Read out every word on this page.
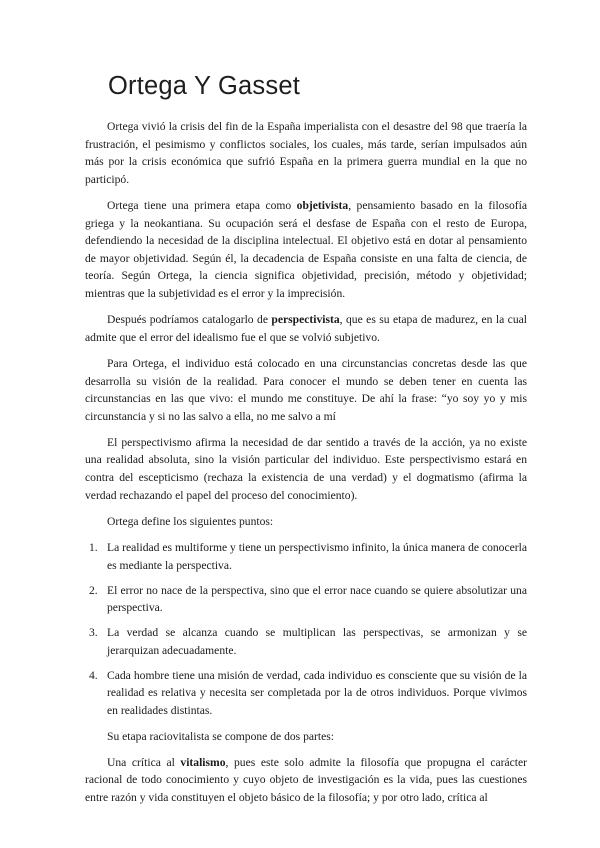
Ortega Y Gasset

Ortega vivió la crisis del fin de la España imperialista con el desastre del 98 que traería la frustración, el pesimismo y conflictos sociales, los cuales, más tarde, serían impulsados aún más por la crisis económica que sufrió España en la primera guerra mundial en la que no participó.

Ortega tiene una primera etapa como objetivista, pensamiento basado en la filosofía griega y la neokantiana. Su ocupación será el desfase de España con el resto de Europa, defendiendo la necesidad de la disciplina intelectual. El objetivo está en dotar al pensamiento de mayor objetividad. Según él, la decadencia de España consiste en una falta de ciencia, de teoría. Según Ortega, la ciencia significa objetividad, precisión, método y objetividad; mientras que la subjetividad es el error y la imprecisión.

Después podríamos catalogarlo de perspectivista, que es su etapa de madurez, en la cual admite que el error del idealismo fue el que se volvió subjetivo.

Para Ortega, el individuo está colocado en una circunstancias concretas desde las que desarrolla su visión de la realidad. Para conocer el mundo se deben tener en cuenta las circunstancias en las que vivo: el mundo me constituye. De ahí la frase: “yo soy yo y mis circunstancia y si no las salvo a ella, no me salvo a mí

El perspectivismo afirma la necesidad de dar sentido a través de la acción, ya no existe una realidad absoluta, sino la visión particular del individuo. Este perspectivismo estará en contra del escepticismo (rechaza la existencia de una verdad) y el dogmatismo (afirma la verdad rechazando el papel del proceso del conocimiento).

Ortega define los siguientes puntos:

1. La realidad es multiforme y tiene un perspectivismo infinito, la única manera de conocerla es mediante la perspectiva.
2. El error no nace de la perspectiva, sino que el error nace cuando se quiere absolutizar una perspectiva.
3. La verdad se alcanza cuando se multiplican las perspectivas, se armonizan y se jerarquizan adecuadamente.
4. Cada hombre tiene una misión de verdad, cada individuo es consciente que su visión de la realidad es relativa y necesita ser completada por la de otros individuos. Porque vivimos en realidades distintas.

Su etapa raciovitalista se compone de dos partes:

Una crítica al vitalismo, pues este solo admite la filosofía que propugna el carácter racional de todo conocimiento y cuyo objeto de investigación es la vida, pues las cuestiones entre razón y vida constituyen el objeto básico de la filosofía; y por otro lado, crítica al
